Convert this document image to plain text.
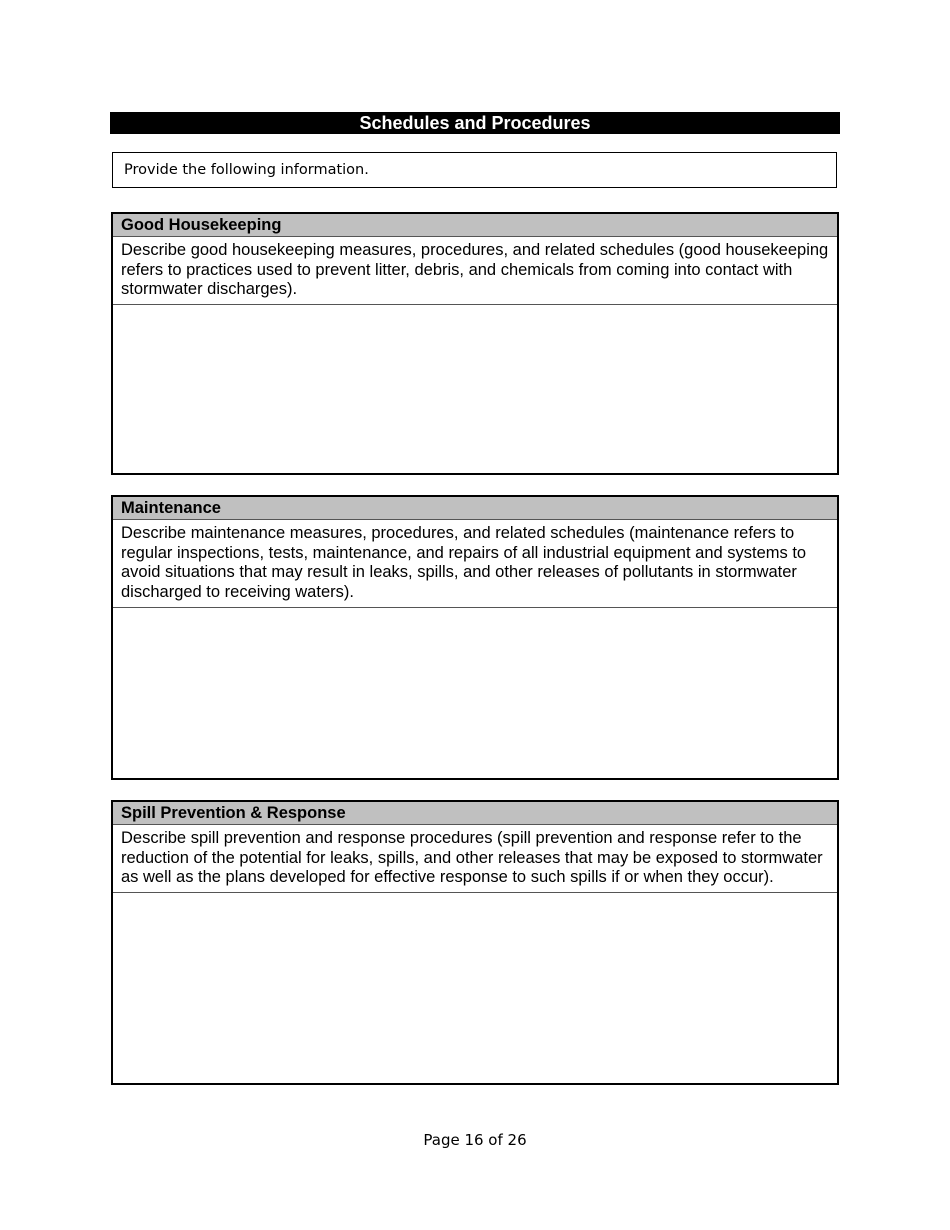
Schedules and Procedures
Provide the following information.
Good Housekeeping
Describe good housekeeping measures, procedures, and related schedules (good housekeeping refers to practices used to prevent litter, debris, and chemicals from coming into contact with stormwater discharges).
Maintenance
Describe maintenance measures, procedures, and related schedules (maintenance refers to regular inspections, tests, maintenance, and repairs of all industrial equipment and systems to avoid situations that may result in leaks, spills, and other releases of pollutants in stormwater discharged to receiving waters).
Spill Prevention & Response
Describe spill prevention and response procedures (spill prevention and response refer to the reduction of the potential for leaks, spills, and other releases that may be exposed to stormwater as well as the plans developed for effective response to such spills if or when they occur).
Page 16 of 26
